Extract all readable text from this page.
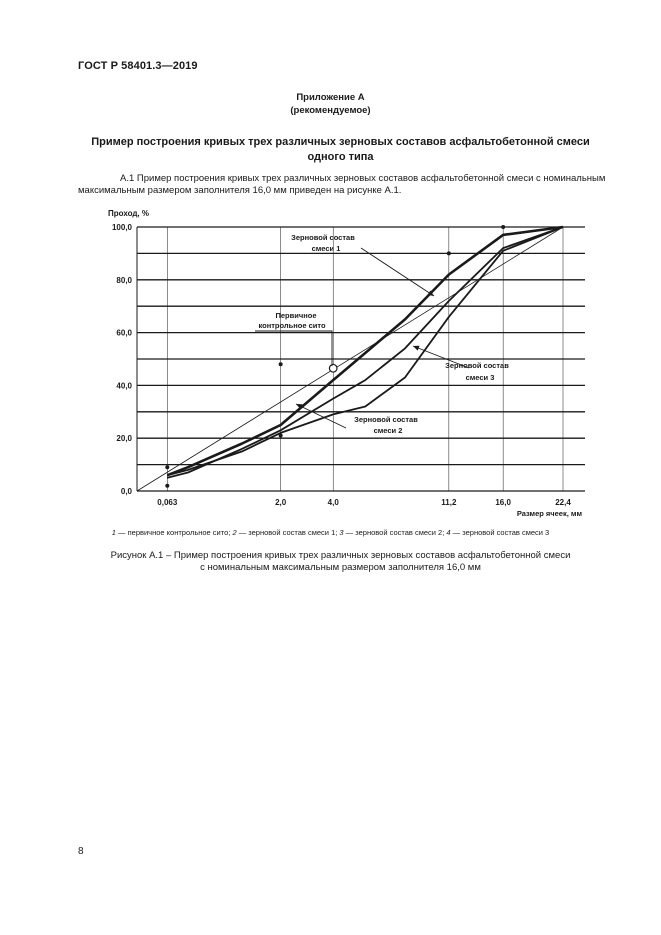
ГОСТ Р 58401.3—2019
Приложение А
(рекомендуемое)
Пример построения кривых трех различных зерновых составов асфальтобетонной смеси
одного типа
А.1 Пример построения кривых трех различных зерновых составов асфальтобетонной смеси с номинальным максимальным размером заполнителя 16,0 мм приведен на рисунке А.1.
0,0
20,0
40,0
60,0
80,0
100,0
0,063	2,0	4,0	11,2	16,0	22,4
Проход, %
Размер ячеек, мм
Первичное
контрольное сито
Зерновой состав
смеси 1
Зерновой состав
смеси 2
Зерновой состав
смеси 3
1 — первичное контрольное сито; 2 — зерновой состав смеси 1; 3 — зерновой состав смеси 2; 4 — зерновой состав смеси 3
Рисунок А.1 – Пример построения кривых трех различных зерновых составов асфальтобетонной смеси
с номинальным максимальным размером заполнителя 16,0 мм
8
